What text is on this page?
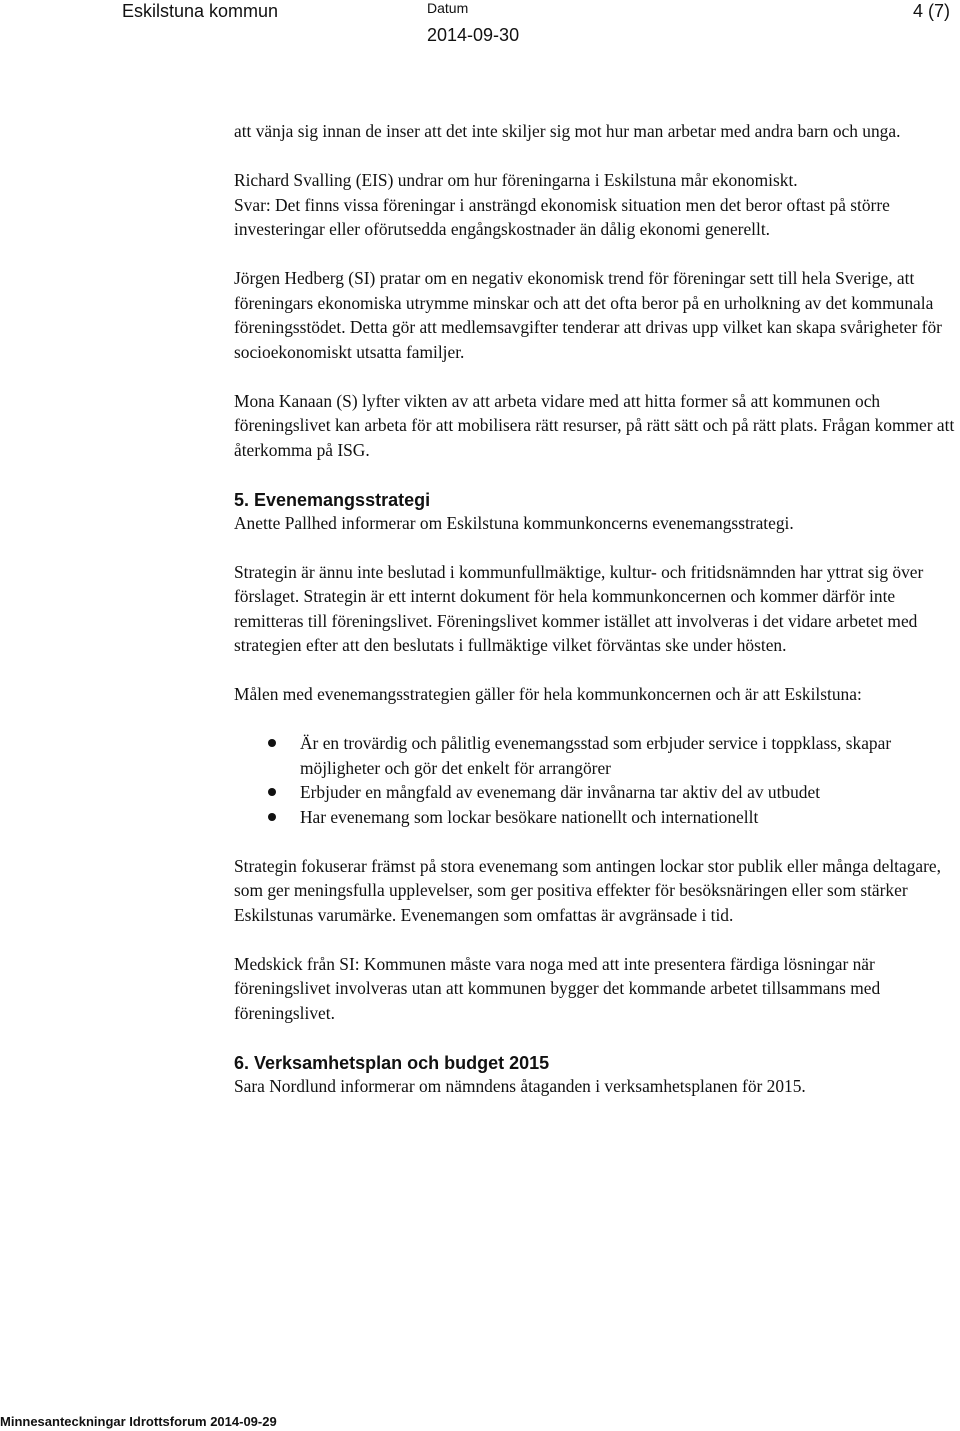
Eskilstuna kommun	Datum
2014-09-30
4 (7)

att vänja sig innan de inser att det inte skiljer sig mot hur man arbetar med andra barn och unga.

Richard Svalling (EIS) undrar om hur föreningarna i Eskilstuna mår ekonomiskt.

Svar: Det finns vissa föreningar i ansträngd ekonomisk situation men det beror oftast på större investeringar eller oförutsedda engångskostnader än dålig ekonomi generellt.

Jörgen Hedberg (SI) pratar om en negativ ekonomisk trend för föreningar sett till hela Sverige, att föreningars ekonomiska utrymme minskar och att det ofta beror på en urholkning av det kommunala föreningsstödet. Detta gör att medlemsavgifter tenderar att drivas upp vilket kan skapa svårigheter för socioekonomiskt utsatta familjer.

Mona Kanaan (S) lyfter vikten av att arbeta vidare med att hitta former så att kommunen och föreningslivet kan arbeta för att mobilisera rätt resurser, på rätt sätt och på rätt plats. Frågan kommer att återkomma på ISG.

5. Evenemangsstrategi

Anette Pallhed informerar om Eskilstuna kommunkoncerns evenemangsstrategi.

Strategin är ännu inte beslutad i kommunfullmäktige, kultur- och fritidsnämnden har yttrat sig över förslaget. Strategin är ett internt dokument för hela kommunkoncernen och kommer därför inte remitteras till föreningslivet. Föreningslivet kommer istället att involveras i det vidare arbetet med strategien efter att den beslutats i fullmäktige vilket förväntas ske under hösten.

Målen med evenemangsstrategien gäller för hela kommunkoncernen och är att Eskilstuna:

Är en trovärdig och pålitlig evenemangsstad som erbjuder service i toppklass, skapar möjligheter och gör det enkelt för arrangörer
Erbjuder en mångfald av evenemang där invånarna tar aktiv del av utbudet
Har evenemang som lockar besökare nationellt och internationellt

Strategin fokuserar främst på stora evenemang som antingen lockar stor publik eller många deltagare, som ger meningsfulla upplevelser, som ger positiva effekter för besöksnäringen eller som stärker Eskilstunas varumärke. Evenemangen som omfattas är avgränsade i tid.

Medskick från SI: Kommunen måste vara noga med att inte presentera färdiga lösningar när föreningslivet involveras utan att kommunen bygger det kommande arbetet tillsammans med föreningslivet.

6. Verksamhetsplan och budget 2015

Sara Nordlund informerar om nämndens åtaganden i verksamhetsplanen för 2015.

Minnesanteckningar Idrottsforum 2014-09-29
